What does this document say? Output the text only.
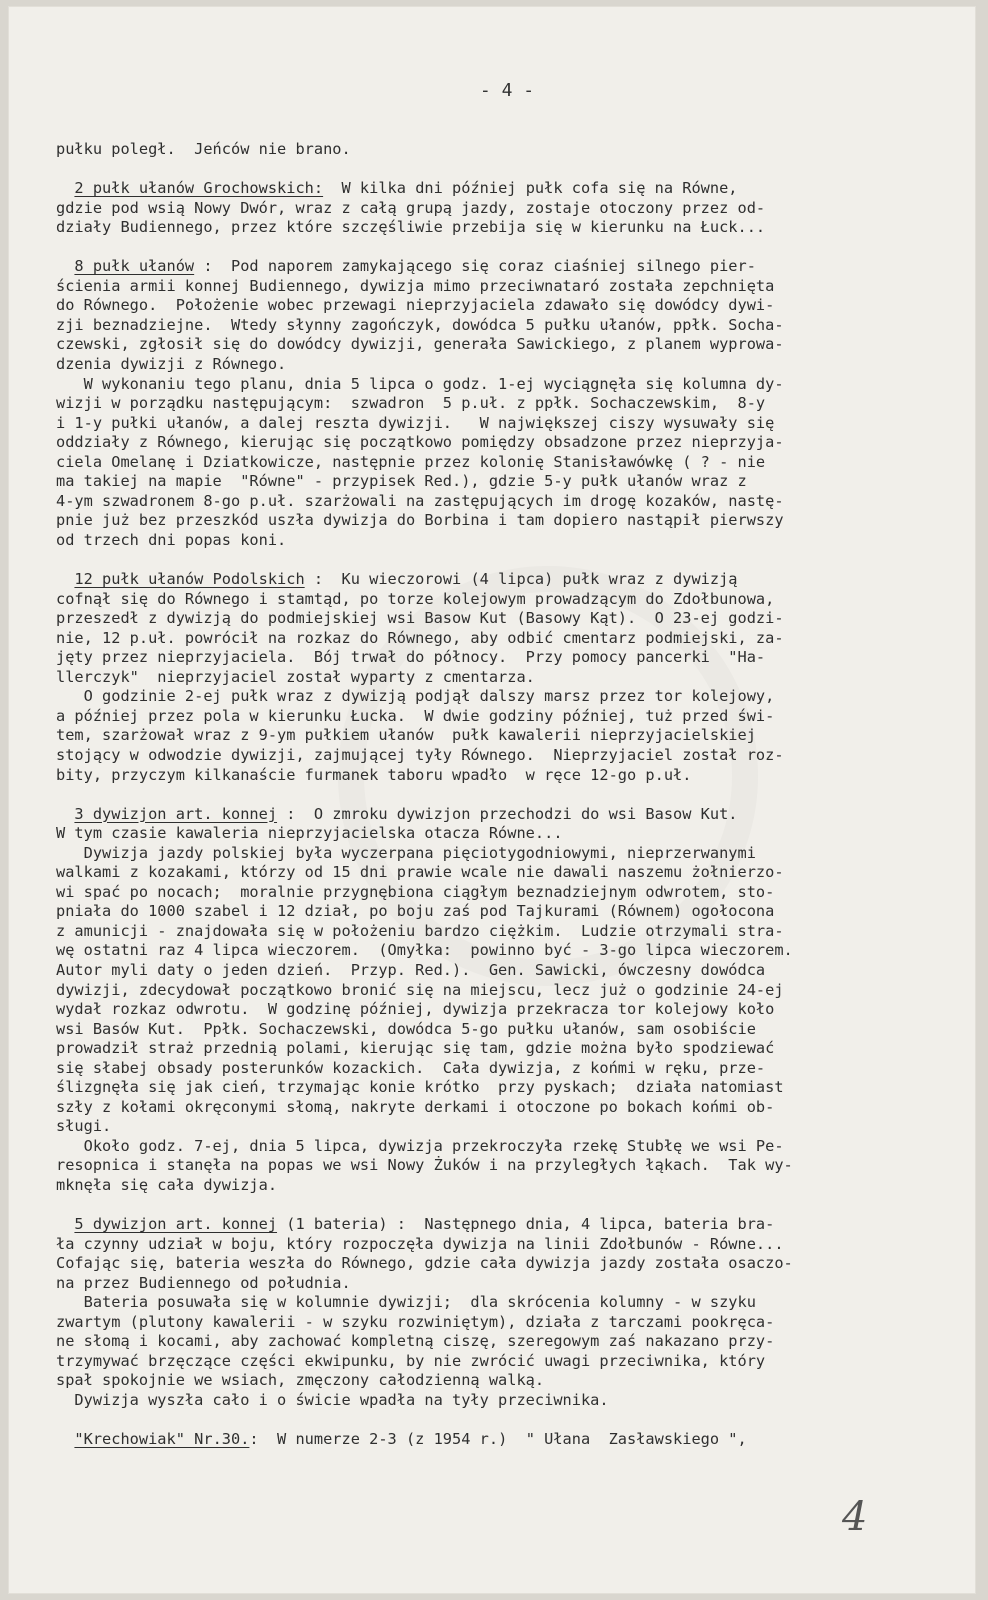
- 4 -
pułku poległ.  Jeńców nie brano.
2 pułk ułanów Grochowskich:  W kilka dni później pułk cofa się na Równe,
gdzie pod wsią Nowy Dwór, wraz z całą grupą jazdy, zostaje otoczony przez od-
działy Budiennego, przez które szczęśliwie przebija się w kierunku na Łuck...
8 pułk ułanów :  Pod naporem zamykającego się coraz ciaśniej silnego pier-
ścienia armii konnej Budiennego, dywizja mimo przeciwnataró została zepchnięta
do Równego.  Położenie wobec przewagi nieprzyjaciela zdawało się dowódcy dywi-
zji beznadziejne.  Wtedy słynny zagończyk, dowódca 5 pułku ułanów, ppłk. Socha-
czewski, zgłosił się do dowódcy dywizji, generała Sawickiego, z planem wyprowa-
dzenia dywizji z Równego.
W wykonaniu tego planu, dnia 5 lipca o godz. 1-ej wyciągnęła się kolumna dy-
wizji w porządku następującym:  szwadron  5 p.uł. z ppłk. Sochaczewskim,  8-y
i 1-y pułki ułanów, a dalej reszta dywizji.   W największej ciszy wysuwały się
oddziały z Równego, kierując się początkowo pomiędzy obsadzone przez nieprzyja-
ciela Omelanę i Dziatkowicze, następnie przez kolonię Stanisławówkę ( ? - nie
ma takiej na mapie  "Równe" - przypisek Red.), gdzie 5-y pułk ułanów wraz z
4-ym szwadronem 8-go p.uł. szarżowali na zastępujących im drogę kozaków, nastę-
pnie już bez przeszkód uszła dywizja do Borbina i tam dopiero nastąpił pierwszy
od trzech dni popas koni.
12 pułk ułanów Podolskich :  Ku wieczorowi (4 lipca) pułk wraz z dywizją
cofnął się do Równego i stamtąd, po torze kolejowym prowadzącym do Zdołbunowa,
przeszedł z dywizją do podmiejskiej wsi Basow Kut (Basowy Kąt).  O 23-ej godzi-
nie, 12 p.uł. powrócił na rozkaz do Równego, aby odbić cmentarz podmiejski, za-
jęty przez nieprzyjaciela.  Bój trwał do północy.  Przy pomocy pancerki  "Ha-
llerczyk"  nieprzyjaciel został wyparty z cmentarza.
O godzinie 2-ej pułk wraz z dywizją podjął dalszy marsz przez tor kolejowy,
a później przez pola w kierunku Łucka.  W dwie godziny później, tuż przed świ-
tem, szarżował wraz z 9-ym pułkiem ułanów  pułk kawalerii nieprzyjacielskiej
stojący w odwodzie dywizji, zajmującej tyły Równego.  Nieprzyjaciel został roz-
bity, przyczym kilkanaście furmanek taboru wpadło  w ręce 12-go p.uł.
3 dywizjon art. konnej :  O zmroku dywizjon przechodzi do wsi Basow Kut.
W tym czasie kawaleria nieprzyjacielska otacza Równe...
Dywizja jazdy polskiej była wyczerpana pięciotygodniowymi, nieprzerwanymi
walkami z kozakami, którzy od 15 dni prawie wcale nie dawali naszemu żołnierzo-
wi spać po nocach;  moralnie przygnębiona ciągłym beznadziejnym odwrotem, sto-
pniała do 1000 szabel i 12 dział, po boju zaś pod Tajkurami (Równem) ogołocona
z amunicji - znajdowała się w położeniu bardzo ciężkim.  Ludzie otrzymali stra-
wę ostatni raz 4 lipca wieczorem.  (Omyłka:  powinno być - 3-go lipca wieczorem.
Autor myli daty o jeden dzień.  Przyp. Red.).  Gen. Sawicki, ówczesny dowódca
dywizji, zdecydował początkowo bronić się na miejscu, lecz już o godzinie 24-ej
wydał rozkaz odwrotu.  W godzinę później, dywizja przekracza tor kolejowy koło
wsi Basów Kut.  Ppłk. Sochaczewski, dowódca 5-go pułku ułanów, sam osobiście
prowadził straż przednią polami, kierując się tam, gdzie można było spodziewać
się słabej obsady posterunków kozackich.  Cała dywizja, z końmi w ręku, prze-
ślizgnęła się jak cień, trzymając konie krótko  przy pyskach;  działa natomiast
szły z kołami okręconymi słomą, nakryte derkami i otoczone po bokach końmi ob-
sługi.
Około godz. 7-ej, dnia 5 lipca, dywizja przekroczyła rzekę Stubłę we wsi Pe-
resopnica i stanęła na popas we wsi Nowy Żuków i na przyległych łąkach.  Tak wy-
mknęła się cała dywizja.
5 dywizjon art. konnej (1 bateria) :  Następnego dnia, 4 lipca, bateria bra-
ła czynny udział w boju, który rozpoczęła dywizja na linii Zdołbunów - Równe...
Cofając się, bateria weszła do Równego, gdzie cała dywizja jazdy została osaczo-
na przez Budiennego od południa.
Bateria posuwała się w kolumnie dywizji;  dla skrócenia kolumny - w szyku
zwartym (plutony kawalerii - w szyku rozwiniętym), działa z tarczami pookręca-
ne słomą i kocami, aby zachować kompletną ciszę, szeregowym zaś nakazano przy-
trzymywać brzęczące części ekwipunku, by nie zwrócić uwagi przeciwnika, który
spał spokojnie we wsiach, zmęczony całodzienną walką.
Dywizja wyszła cało i o świcie wpadła na tyły przeciwnika.
"Krechowiak" Nr.30.:  W numerze 2-3 (z 1954 r.)  " Ułana  Zasławskiego ",
4
